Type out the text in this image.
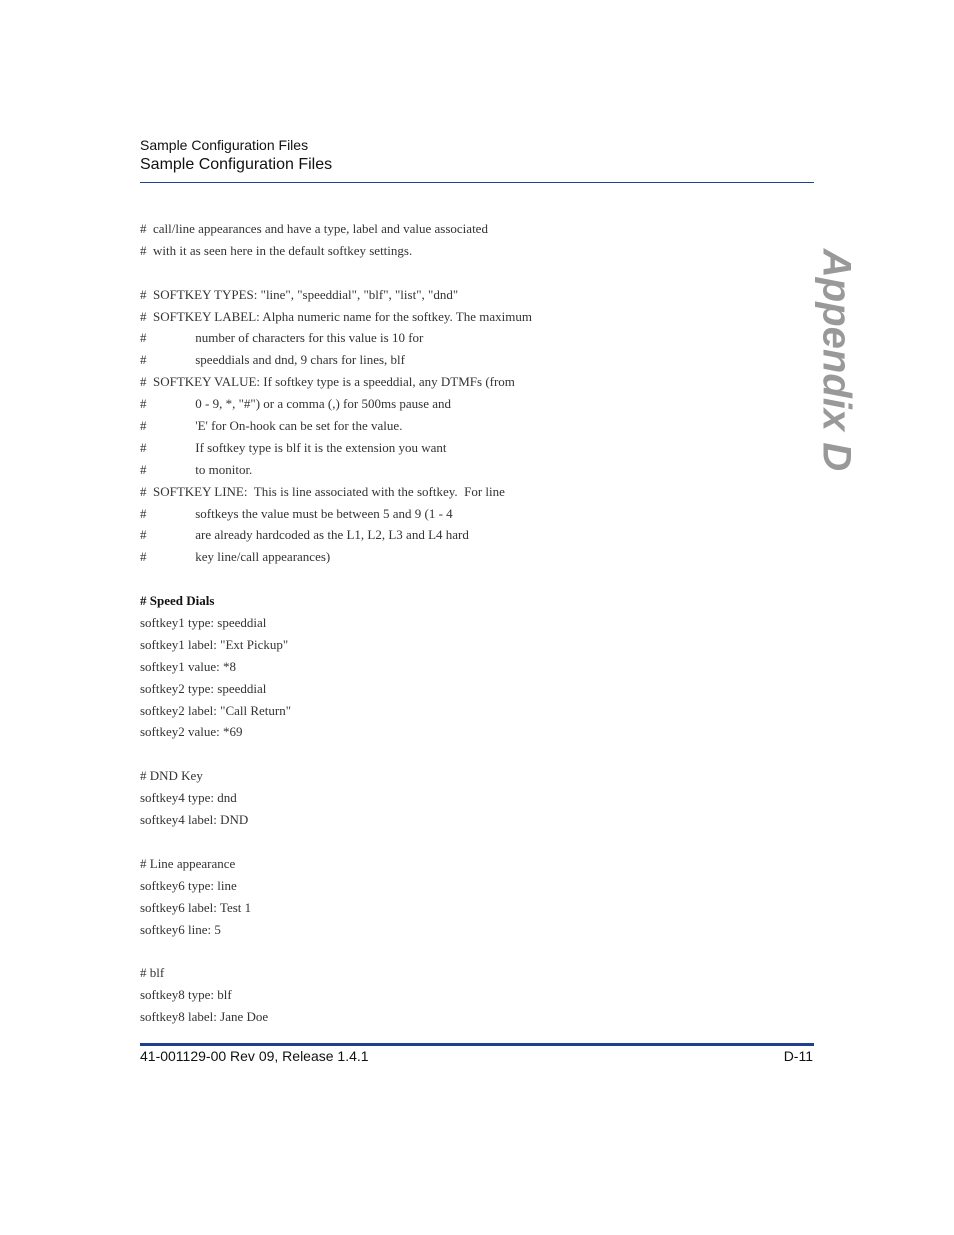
Sample Configuration Files
Sample Configuration Files
Appendix D
#  call/line appearances and have a type, label and value associated
#  with it as seen here in the default softkey settings.
#  SOFTKEY TYPES: "line", "speeddial", "blf", "list", "dnd"
#  SOFTKEY LABEL: Alpha numeric name for the softkey. The maximum
#               number of characters for this value is 10 for
#               speeddials and dnd, 9 chars for lines, blf
#  SOFTKEY VALUE: If softkey type is a speeddial, any DTMFs (from
#               0 - 9, *, "#") or a comma (,) for 500ms pause and
#               'E' for On-hook can be set for the value.
#               If softkey type is blf it is the extension you want
#               to monitor.
#  SOFTKEY LINE:  This is line associated with the softkey.  For line
#               softkeys the value must be between 5 and 9 (1 - 4
#               are already hardcoded as the L1, L2, L3 and L4 hard
#               key line/call appearances)
# Speed Dials
softkey1 type: speeddial
softkey1 label: "Ext Pickup"
softkey1 value: *8
softkey2 type: speeddial
softkey2 label: "Call Return"
softkey2 value: *69
# DND Key
softkey4 type: dnd
softkey4 label: DND
# Line appearance
softkey6 type: line
softkey6 label: Test 1
softkey6 line: 5
# blf
softkey8 type: blf
softkey8 label: Jane Doe
41-001129-00 Rev 09, Release 1.4.1	D-11
